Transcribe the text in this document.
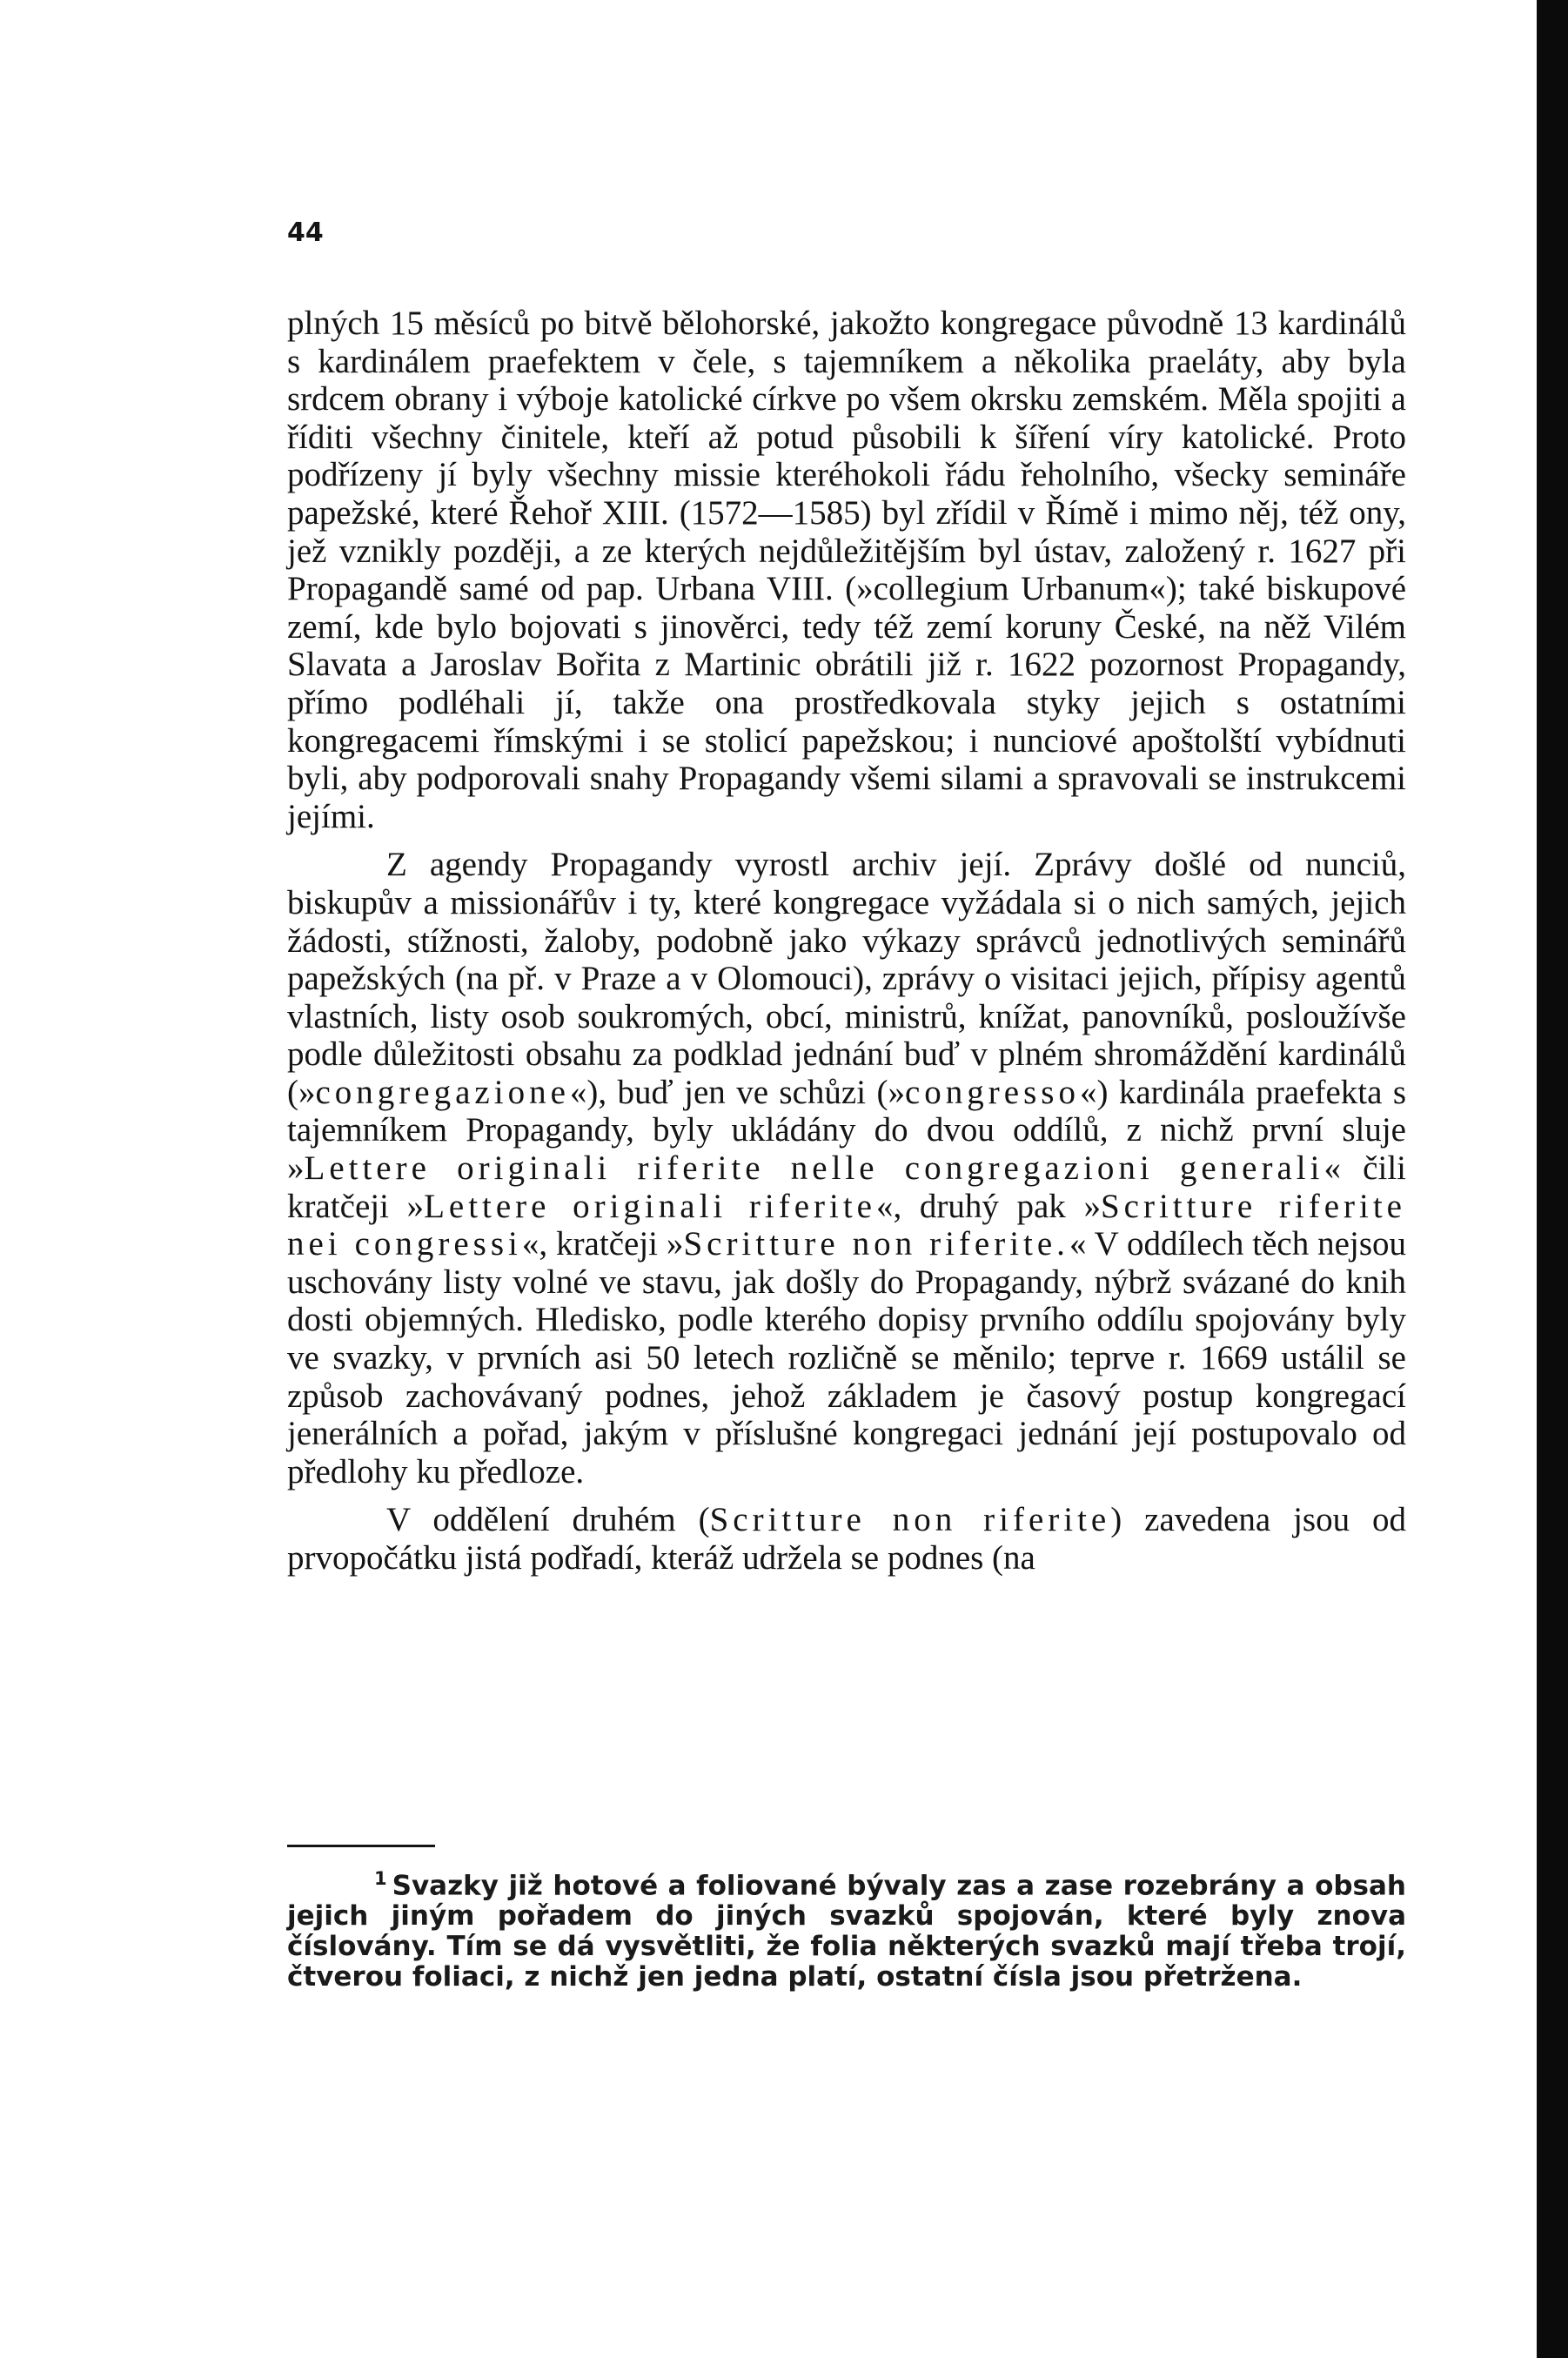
44

plných 15 měsíců po bitvě bělohorské, jakožto kongregace původně 13 kardinálů s kardinálem praefektem v čele, s tajemníkem a několika praeláty, aby byla srdcem obrany i výboje katolické církve po všem okrsku zemském. Měla spojiti a říditi všechny činitele, kteří až potud působili k šíření víry katolické. Proto podřízeny jí byly všechny missie kteréhokoli řádu řeholního, všecky semináře papežské, které Řehoř XIII. (1572—1585) byl zřídil v Římě i mimo něj, též ony, jež vznikly později, a ze kterých nejdůležitějším byl ústav, založený r. 1627 při Propagandě samé od pap. Urbana VIII. (»collegium Urbanum«); také biskupové zemí, kde bylo bojovati s jinověrci, tedy též zemí koruny České, na něž Vilém Slavata a Jaroslav Bořita z Martinic obrátili již r. 1622 pozornost Propagandy, přímo podléhali jí, takže ona prostředkovala styky jejich s ostatními kongregacemi římskými i se stolicí papežskou; i nunciové apoštolští vybídnuti byli, aby podporovali snahy Propagandy všemi silami a spravovali se instrukcemi jejími.

Z agendy Propagandy vyrostl archiv její. Zprávy došlé od nunciů, biskupův a missionářův i ty, které kongregace vyžádala si o nich samých, jejich žádosti, stížnosti, žaloby, podobně jako výkazy správců jednotlivých seminářů papežských (na př. v Praze a v Olomouci), zprávy o visitaci jejich, přípisy agentů vlastních, listy osob soukromých, obcí, ministrů, knížat, panovníků, posloužívše podle důležitosti obsahu za podklad jednání buď v plném shromáždění kardinálů (»congregazione«), buď jen ve schůzi (»congresso«) kardinála praefekta s tajemníkem Propagandy, byly ukládány do dvou oddílů, z nichž první sluje »Lettere originali riferite nelle congregazioni generali« čili kratčeji »Lettere originali riferite«, druhý pak »Scritture riferite nei congressi«, kratčeji »Scritture non riferite.« V oddílech těch nejsou uschovány listy volné ve stavu, jak došly do Propagandy, nýbrž svázané do knih dosti objemných. Hledisko, podle kterého dopisy prvního oddílu spojovány byly ve svazky, v prvních asi 50 letech rozličně se měnilo; teprve r. 1669 ustálil se způsob zachovávaný podnes, jehož základem je časový postup kongregací jenerálních a pořad, jakým v příslušné kongregaci jednání její postupovalo od předlohy ku předloze.

V oddělení druhém (Scritture non riferite) zavedena jsou od prvopočátku jistá podřadí, kteráž udržela se podnes (na

$^1$ Svazky již hotové a foliované bývaly zas a zase rozebrány a obsah jejich jiným pořadem do jiných svazků spojován, které byly znova číslovány. Tím se dá vysvětliti, že folia některých svazků mají třeba trojí, čtverou foliaci, z nichž jen jedna platí, ostatní čísla jsou přetržena.
